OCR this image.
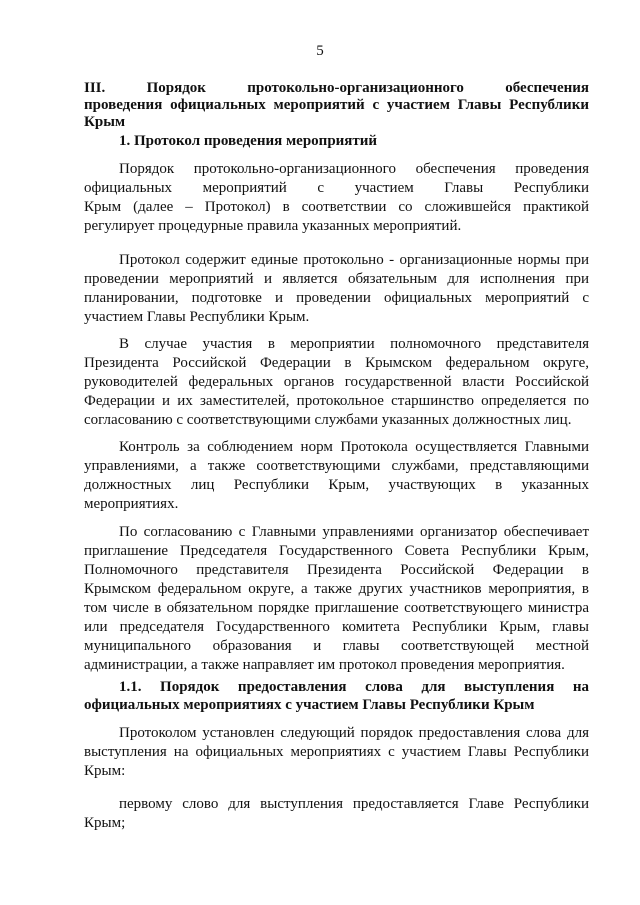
5
III. Порядок протокольно-организационного обеспечения
проведения официальных мероприятий с участием Главы Республики
Крым
1. Протокол проведения мероприятий
Порядок протокольно-организационного обеспечения проведения
официальных мероприятий с участием Главы Республики
Крым (далее – Протокол) в соответствии со сложившейся практикой
регулирует процедурные правила указанных мероприятий.
Протокол содержит единые протокольно - организационные нормы при
проведении мероприятий и является обязательным для исполнения при
планировании, подготовке и проведении официальных мероприятий с
участием Главы Республики Крым.
В случае участия в мероприятии полномочного представителя
Президента Российской Федерации в Крымском федеральном округе,
руководителей федеральных органов государственной власти Российской
Федерации и их заместителей, протокольное старшинство определяется по
согласованию с соответствующими службами указанных должностных лиц.
Контроль за соблюдением норм Протокола осуществляется Главными
управлениями, а также соответствующими службами, представляющими
должностных лиц Республики Крым, участвующих в указанных
мероприятиях.
По согласованию с Главными управлениями организатор обеспечивает
приглашение Председателя Государственного Совета Республики Крым,
Полномочного представителя Президента Российской Федерации в
Крымском федеральном округе, а также других участников мероприятия, в
том числе в обязательном порядке приглашение соответствующего министра
или председателя Государственного комитета Республики Крым, главы
муниципального образования и главы соответствующей местной
администрации, а также направляет им протокол проведения мероприятия.
1.1. Порядок предоставления слова для выступления на
официальных мероприятиях с участием Главы Республики Крым
Протоколом установлен следующий порядок предоставления слова для
выступления на официальных мероприятиях с участием Главы Республики
Крым:
первому слово для выступления предоставляется Главе Республики
Крым;
